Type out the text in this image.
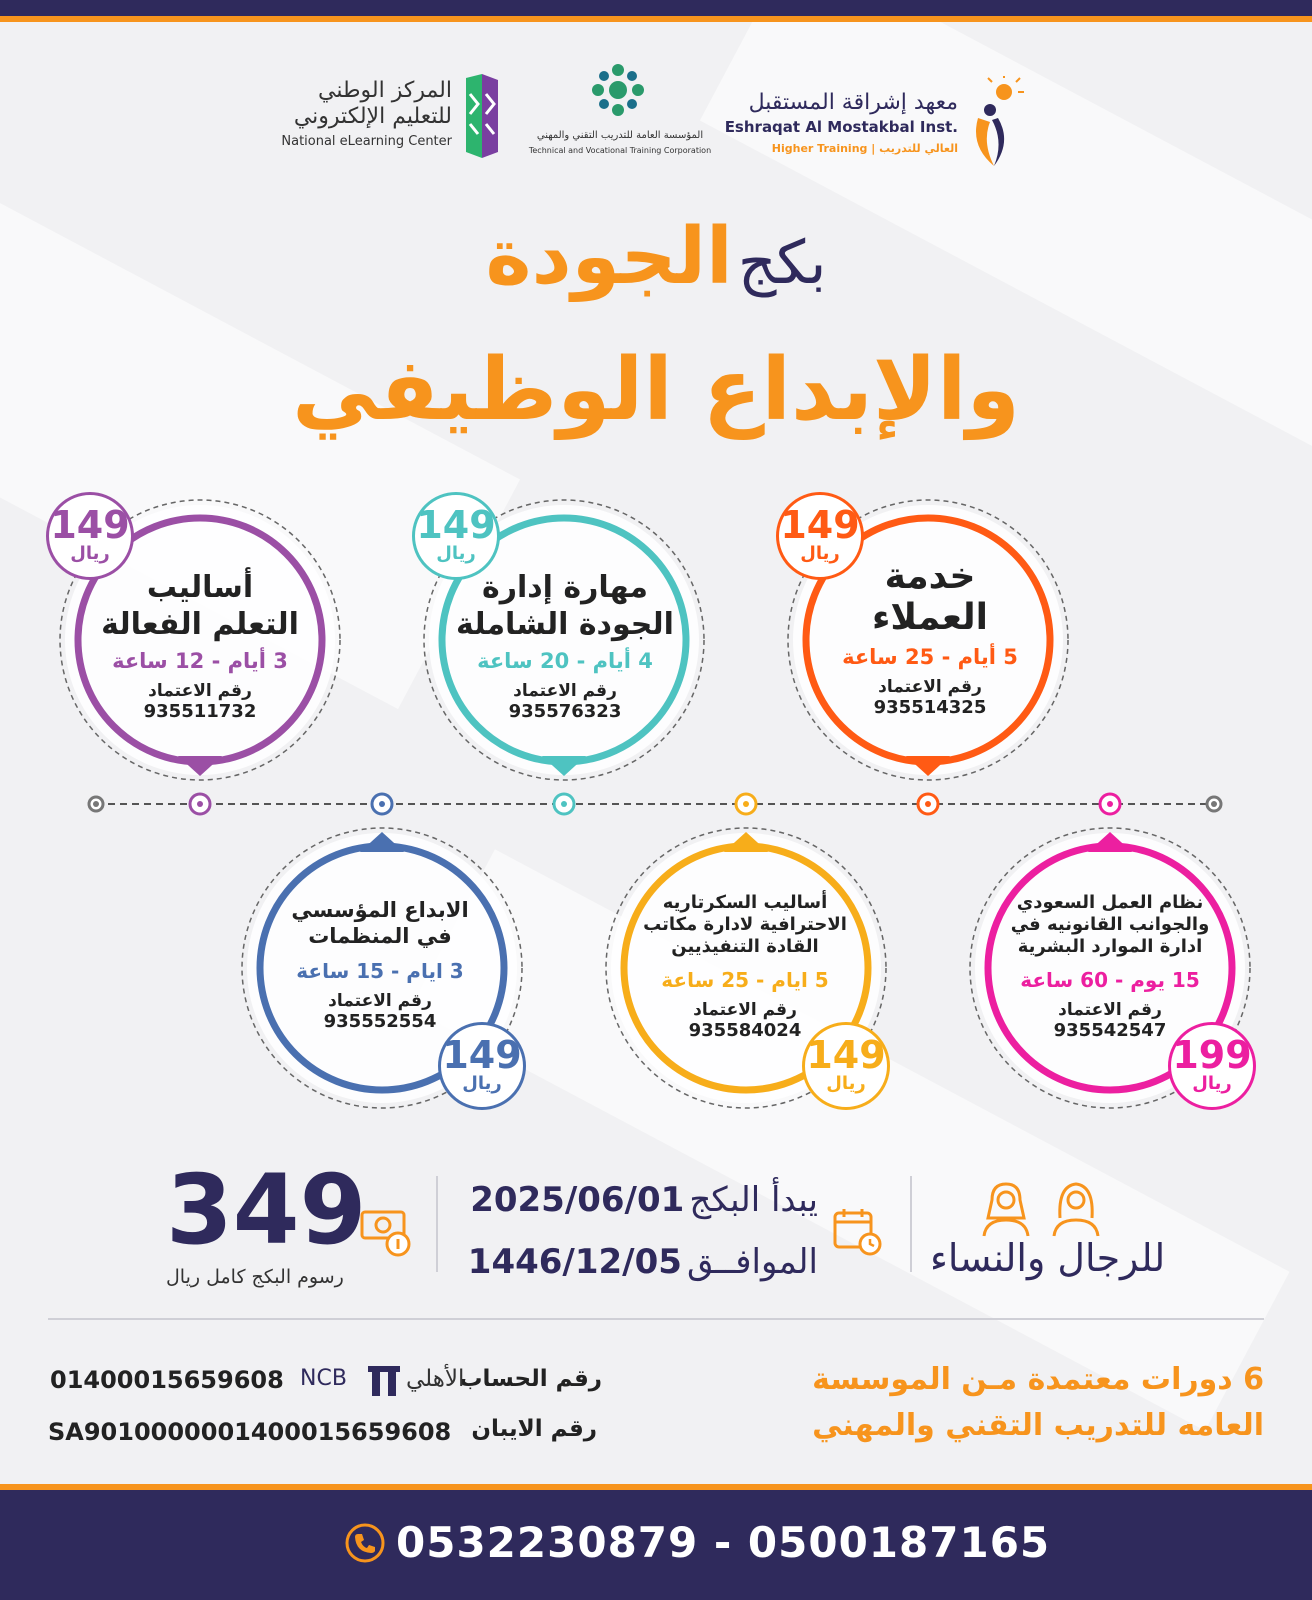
المركز الوطني
للتعليم الإلكتروني
National eLearning Center	المؤسسة العامة للتدريب التقني والمهني
Technical and Vocational Training Corporation
معهد إشراقة المستقبل
Eshraqat Al Mostakbal Inst.
Higher Training | العالي للتدريب
بكج الجودة
والإبداع الوظيفي
أساليب
التعلم الفعالة
3 أيام - 12 ساعة
رقم الاعتماد
935511732
مهارة إدارة
الجودة الشاملة
4 أيام - 20 ساعة
رقم الاعتماد
935576323
خدمة
العملاء
5 أيام - 25 ساعة
رقم الاعتماد
935514325
الابداع المؤسسي
في المنظمات
3 ايام - 15 ساعة
رقم الاعتماد
935552554
أساليب السكرتاريه
الاحترافية لادارة مكاتب
القادة التنفيذيين
5 ايام - 25 ساعة
رقم الاعتماد
935584024
نظام العمل السعودي
والجوانب القانونيه في
ادارة الموارد البشرية
15 يوم - 60 ساعة
رقم الاعتماد
935542547
149
ريال
149
ريال
149
ريال
149
ريال
149
ريال
199
ريال
349
رسوم البكج كامل ريال
يبدأ البكج 2025/06/01
الموافــق 1446/12/05	للرجال والنساء
6 دورات معتمدة مـن الموسسة
العامه للتدريب التقني والمهني
رقم الحساب
الأهلي
NCB
01400015659608
رقم الايبان
SA9010000001400015659608
0532230879 - 0500187165
